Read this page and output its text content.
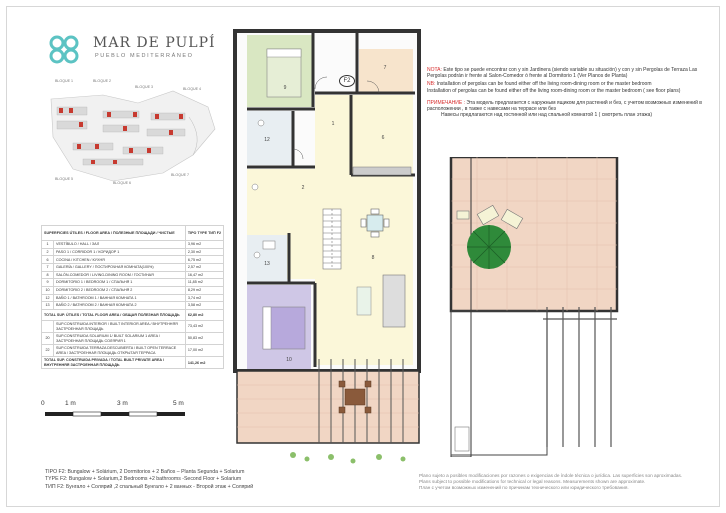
MAR DE PULPÍ
PUEBLO MEDITERRÁNEO
BLOQUE 1	BLOQUE 2
BLOQUE 3	BLOQUE 4
BLOQUE 5
BLOQUE 6
BLOQUE 7
SUPERFICIES ÚTILES / FLOOR AREA / ПОЛЕЗНЫЕ ПЛОЩАДИ / ЧИСТЫЕ		TIPO TYPE ТИП F2
1	VESTÍBULO / HALL / ЗАЛ	3,96 m2
2	PASO 1 / CORRIDOR 1 / КОРИДОР 1	2,30 m2
6	COCINA / KITCHEN / КУХНЯ	6,75 m2
7	GALERÍA / GALLERY / ПОСТИРОЧНАЯ КОМНАТА(100%)	2,57 m2
8	SALÓN-COMEDOR / LIVING-DINING ROOM / ГОСТИНАЯ	16,47 m2
9	DORMITORIO 1 / BEDROOM 1 / СПАЛЬНЯ 1	11,85 m2
10	DORMITORIO 2 / BEDROOM 2 / СПАЛЬНЯ 2	8,29 m2
12	BAÑO 1 / BATHROOM 1 / ВАННАЯ КОМНАТА 1	3,74 m2
13	BAÑO 2 / BATHROOM 2 / ВАННАЯ КОМНАТА 2	3,58 m2
TOTAL SUP. ÚTILES / TOTAL FLOOR AREA / ОБЩАЯ ПОЛЕЗНАЯ ПЛОЩАДЬ		62,80 m2
	SUP.CONSTRUIDA INTERIOR / BUILT INTERIOR AREA / ВНУТРЕННЯЯ ЗАСТРОЕННАЯ ПЛОЩАДЬ	73,43 m2
20	SUP.CONSTRUIDA SOLARIUM 1/ BUILT SOLARIUM 1 AREA / ЗАСТРОЕННАЯ ПЛОЩАДЬ СОЛЯРИЯ 1	50,83 m2
22	SUP.CONSTRUIDA TERRAZA DESCUBIERTA / BUILT OPEN TERRACE AREA / ЗАСТРОЕННАЯ ПЛОЩАДЬ ОТКРЫТАЯ ТЕРРАСА	17,00 m2
TOTAL SUP. CONSTRUIDA PRIVADA / TOTAL BUILT PRIVATE AREA / ВНУТРЕННЯЯ ЗАСТРОЕННАЯ ПЛОЩАДЬ		141,26 m2
0	1 m	3 m	5 m
9
1
6
12
8
2
13
10
7
F2

NOTA: Este tipo se puede encontrar con y sin Jardinera (siendo variable su situación) y con y sin Pergolas de Terraza Las Pergolas podrán ir frente al Salon-Comedor ó frente al Dormitorio 1 (Ver Planos de Planta)

NB: Installation of pergolas can be found either off the living room-dining room or the master bedroom
Installation of pergolas can be found either off the living room-dining room or the master bedroom ( see floor plans)

ПРИМЕЧАНИЕ : Эта модель предлагается с наружным ящиком для растений и без, с учетом возможных изменений в расположении , в также с навесами на террасе или без
Навесы предлагаются над гостинной или над спальной комнатой 1 ( смотреть план этажа)

TIPO F2: Bungalow + Solárium, 2 Dormitorios + 2 Baños – Planta Segunda + Solarium
TYPE F2: Bungalow + Solarium,2 Bedrooms +2 bathrooms -Second Floor + Solarium
ТИП F2: Бунгало + Солярий ,2 спальный Бунгало + 2 ванных - Второй этаж + Солярий
Plano sujeto a posibles modificaciones por razones o exigencias de índole técnica o jurídica. Las superficies son aproximadas.
Plans subject to possible modifications for technical or legal reasons. Measurements shown are approximate.
План с учетом возможных изменений по причинам технического или юридического требования.
